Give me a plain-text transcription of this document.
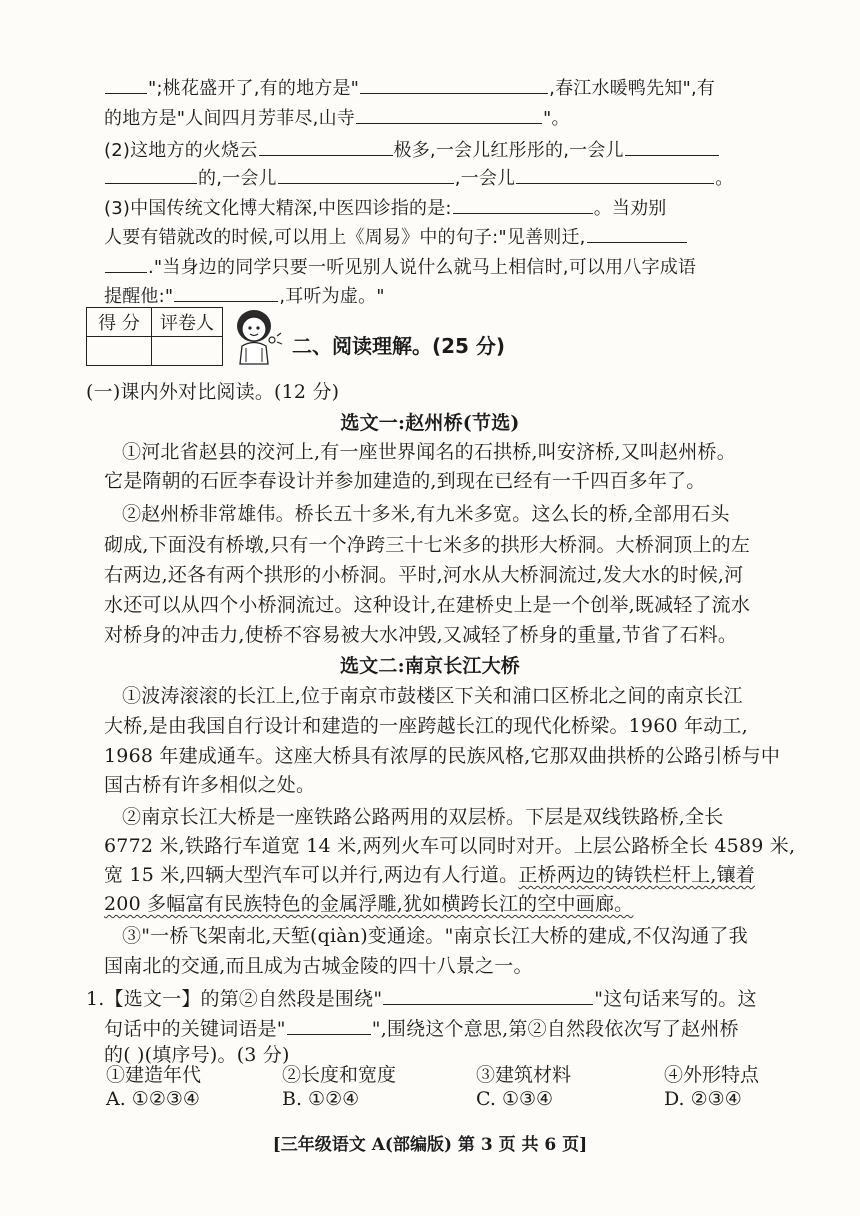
";桃花盛开了,有的地方是"	,春江水暖鸭先知",有
的地方是"人间四月芳菲尽,山寺	"。
(2)这地方的火烧云	极多,一会儿红彤彤的,一会儿
的,一会儿	,一会儿	。
(3)中国传统文化博大精深,中医四诊指的是:	。当劝别
人要有错就改的时候,可以用上《周易》中的句子:"见善则迁,
."当身边的同学只要一听见别人说什么就马上相信时,可以用八字成语
提醒他:"	,耳听为虚。"
得 分	评卷人

二、阅读理解。(25 分)
(一)课内外对比阅读。(12 分)
选文一:赵州桥(节选)
①河北省赵县的洨河上,有一座世界闻名的石拱桥,叫安济桥,又叫赵州桥。
它是隋朝的石匠李春设计并参加建造的,到现在已经有一千四百多年了。
②赵州桥非常雄伟。桥长五十多米,有九米多宽。这么长的桥,全部用石头
砌成,下面没有桥墩,只有一个净跨三十七米多的拱形大桥洞。大桥洞顶上的左
右两边,还各有两个拱形的小桥洞。平时,河水从大桥洞流过,发大水的时候,河
水还可以从四个小桥洞流过。这种设计,在建桥史上是一个创举,既减轻了流水
对桥身的冲击力,使桥不容易被大水冲毁,又减轻了桥身的重量,节省了石料。
选文二:南京长江大桥
①波涛滚滚的长江上,位于南京市鼓楼区下关和浦口区桥北之间的南京长江
大桥,是由我国自行设计和建造的一座跨越长江的现代化桥梁。1960 年动工,
1968 年建成通车。这座大桥具有浓厚的民族风格,它那双曲拱桥的公路引桥与中
国古桥有许多相似之处。
②南京长江大桥是一座铁路公路两用的双层桥。下层是双线铁路桥,全长
6772 米,铁路行车道宽 14 米,两列火车可以同时对开。上层公路桥全长 4589 米,
宽 15 米,四辆大型汽车可以并行,两边有人行道。正桥两边的铸铁栏杆上,镶着
200 多幅富有民族特色的金属浮雕,犹如横跨长江的空中画廊。
③"一桥飞架南北,天堑(qiàn)变通途。"南京长江大桥的建成,不仅沟通了我
国南北的交通,而且成为古城金陵的四十八景之一。
1.【选文一】的第②自然段是围绕"	"这句话来写的。这
句话中的关键词语是"	",围绕这个意思,第②自然段依次写了赵州桥
的( )(填序号)。(3 分)
①建造年代	②长度和宽度	③建筑材料	④外形特点
A. ①②③④	B. ①②④	C. ①③④	D. ②③④
[三年级语文 A(部编版) 第 3 页 共 6 页]
